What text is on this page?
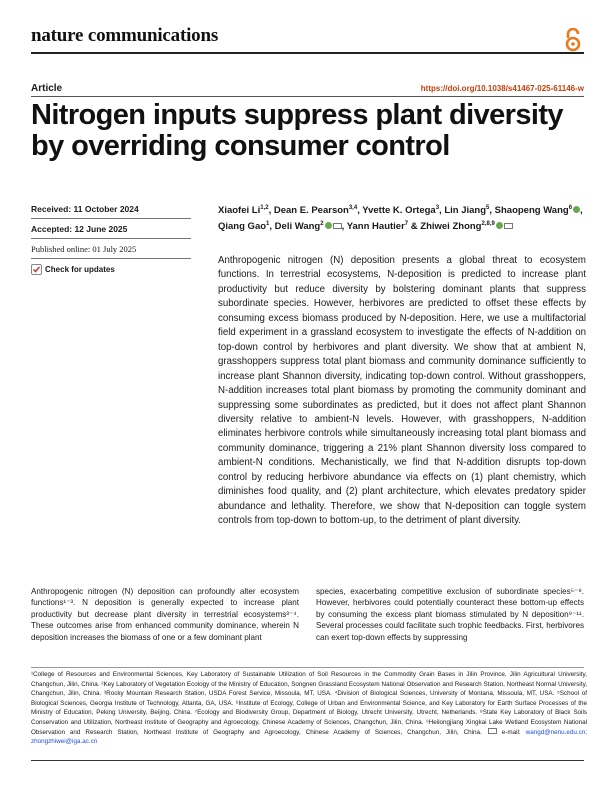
nature communications
Article	https://doi.org/10.1038/s41467-025-61146-w
Nitrogen inputs suppress plant diversity by overriding consumer control
Received: 11 October 2024
Accepted: 12 June 2025
Published online: 01 July 2025
Check for updates
Xiaofei Li$^{1,2}$, Dean E. Pearson$^{3,4}$, Yvette K. Ortega$^3$, Lin Jiang$^5$, Shaopeng Wang$^6$ , Qiang Gao$^1$, Deli Wang$^2$ , Yann Hautier$^7$ & Zhiwei Zhong$^{2,8,9}$
Anthropogenic nitrogen (N) deposition presents a global threat to ecosystem functions. In terrestrial ecosystems, N-deposition is predicted to increase plant productivity but reduce diversity by bolstering dominant plants that suppress subordinate species. However, herbivores are predicted to offset these effects by consuming excess biomass produced by N-deposition. Here, we use a multifactorial field experiment in a grassland ecosystem to investigate the effects of N-addition on top-down control by herbivores and plant diversity. We show that at ambient N, grasshoppers suppress total plant biomass and community dominance sufficiently to increase plant Shannon diversity, indicating top-down control. Without grasshoppers, N-addition increases total plant biomass by promoting the community dominant and suppressing some subordinates as predicted, but it does not affect plant Shannon diversity relative to ambient-N levels. However, with grasshoppers, N-addition eliminates herbivore controls while simultaneously increasing total plant biomass and community dominance, triggering a 21% plant Shannon diversity loss compared to ambient-N conditions. Mechanistically, we find that N-addition disrupts top-down control by reducing herbivore abundance via effects on (1) plant chemistry, which diminishes food quality, and (2) plant architecture, which elevates predatory spider abundance and lethality. Therefore, we show that N-deposition can toggle system controls from top-down to bottom-up, to the detriment of plant diversity.
Anthropogenic nitrogen (N) deposition can profoundly alter ecosystem functions¹⁻³. N deposition is generally expected to increase plant productivity but decrease plant diversity in terrestrial ecosystems³⁻⁴. These outcomes arise from enhanced community dominance, wherein N deposition increases the biomass of one or a few dominant plant
species, exacerbating competitive exclusion of subordinate species⁵⁻⁸. However, herbivores could potentially counteract these bottom-up effects by consuming the excess plant biomass stimulated by N deposition⁹⁻¹¹. Several processes could facilitate such trophic feedbacks. First, herbivores can exert top-down effects by suppressing
¹College of Resources and Environmental Sciences, Key Laboratory of Sustainable Utilization of Soil Resources in the Commodity Grain Bases in Jilin Province, Jilin Agricultural University, Changchun, Jilin, China. ²Key Laboratory of Vegetation Ecology of the Ministry of Education, Songnen Grassland Ecosystem National Observation and Research Station, Northeast Normal University, Changchun, Jilin, China. ³Rocky Mountain Research Station, USDA Forest Service, Missoula, MT, USA. ⁴Division of Biological Sciences, University of Montana, Missoula, MT, USA. ⁵School of Biological Sciences, Georgia Institute of Technology, Atlanta, GA, USA. ⁶Institute of Ecology, College of Urban and Environmental Science, and Key Laboratory for Earth Surface Processes of the Ministry of Education, Peking University, Beijing, China. ⁷Ecology and Biodiversity Group, Department of Biology, Utrecht University, Utrecht, Netherlands. ⁸State Key Laboratory of Black Soils Conservation and Utilization, Northeast Institute of Geography and Agroecology, Chinese Academy of Sciences, Changchun, Jilin, China. ⁹Heilongjiang Xingkai Lake Wetland Ecosystem National Observation and Research Station, Northeast Institute of Geography and Agroecology, Chinese Academy of Sciences, Changchun, Jilin, China.	e-mail: wangd@nenu.edu.cn; zhongzhiwei@iga.ac.cn
